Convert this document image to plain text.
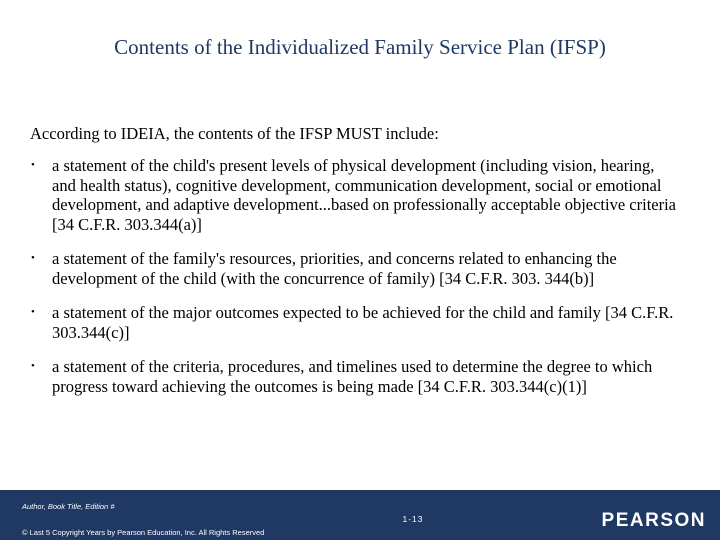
Contents of the Individualized Family Service Plan (IFSP)

According to IDEIA, the contents of the IFSP MUST include:

•	a statement of the child's present levels of physical development (including vision, hearing, and health status), cognitive development, communication development, social or emotional development, and adaptive development...based on professionally acceptable objective criteria [34 C.F.R. 303.344(a)]
•	a statement of the family's resources, priorities, and concerns related to enhancing the development of the child (with the concurrence of family) [34 C.F.R. 303. 344(b)]
•	a statement of the major outcomes expected to be achieved for the child and family [34 C.F.R. 303.344(c)]
•	a statement of the criteria, procedures, and timelines used to determine the degree to which progress toward achieving the outcomes is being made [34 C.F.R. 303.344(c)(1)]
Author, Book Title, Edition #
© Last 5 Copyright Years by Pearson Education, Inc. All Rights Reserved
1-13	PEARSON
